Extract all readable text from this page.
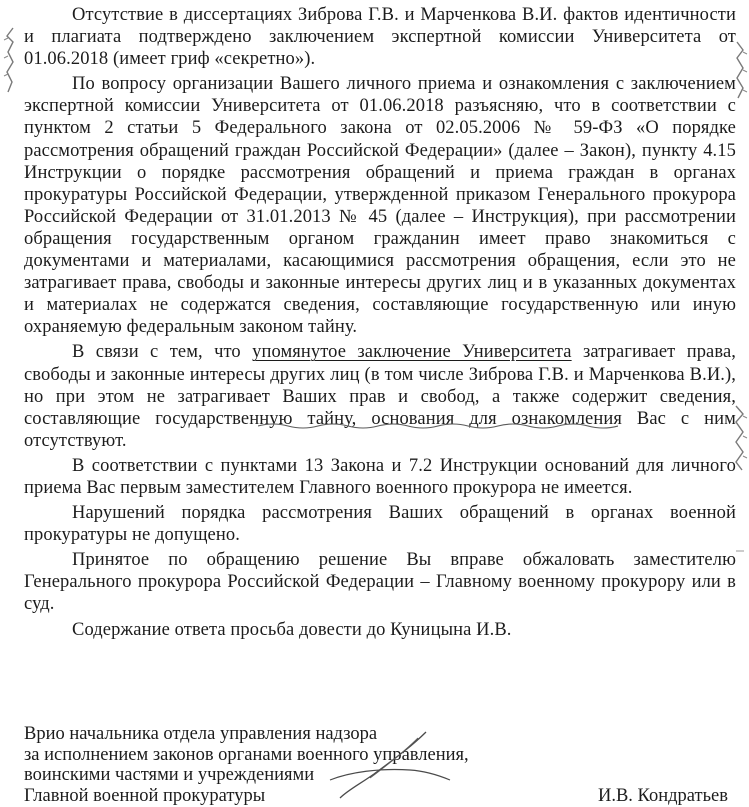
Отсутствие в диссертациях Зиброва Г.В. и Марченкова В.И. фактов идентичности и плагиата подтверждено заключением экспертной комиссии Университета от 01.06.2018 (имеет гриф «секретно»).

По вопросу организации Вашего личного приема и ознакомления с заключением экспертной комиссии Университета от 01.06.2018 разъясняю, что в соответствии с пунктом 2 статьи 5 Федерального закона от 02.05.2006 № 59-ФЗ «О порядке рассмотрения обращений граждан Российской Федерации» (далее – Закон), пункту 4.15 Инструкции о порядке рассмотрения обращений и приема граждан в органах прокуратуры Российской Федерации, утвержденной приказом Генерального прокурора Российской Федерации от 31.01.2013 № 45 (далее – Инструкция), при рассмотрении обращения государственным органом гражданин имеет право знакомиться с документами и материалами, касающимися рассмотрения обращения, если это не затрагивает права, свободы и законные интересы других лиц и в указанных документах и материалах не содержатся сведения, составляющие государственную или иную охраняемую федеральным законом тайну.

В связи с тем, что упомянутое заключение Университета затрагивает права, свободы и законные интересы других лиц (в том числе Зиброва Г.В. и Марченкова В.И.), но при этом не затрагивает Ваших прав и свобод, а также содержит сведения, составляющие государственную тайну, основания для ознакомления Вас с ним отсутствуют.

В соответствии с пунктами 13 Закона и 7.2 Инструкции оснований для личного приема Вас первым заместителем Главного военного прокурора не имеется.

Нарушений порядка рассмотрения Ваших обращений в органах военной прокуратуры не допущено.

Принятое по обращению решение Вы вправе обжаловать заместителю Генерального прокурора Российской Федерации – Главному военному прокурору или в суд.

Содержание ответа просьба довести до Куницына И.В.

Врио начальника отдела управления надзора
за исполнением законов органами военного управления,
воинскими частями и учреждениями
Главной военной прокуратуры	И.В. Кондратьев
